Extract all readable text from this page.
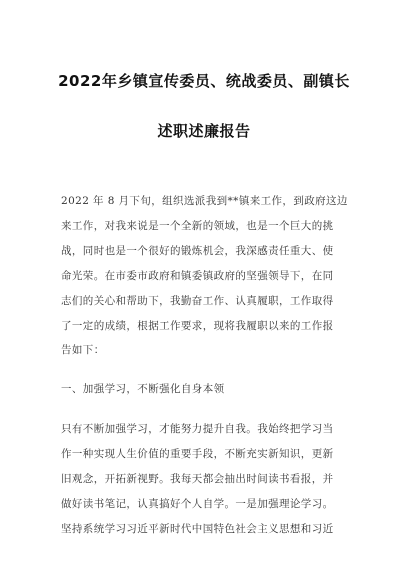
2022年乡镇宣传委员、统战委员、副镇长
述职述廉报告
2022 年 8 月下旬，组织选派我到**镇来工作，到政府这边
来工作，对我来说是一个全新的领域，也是一个巨大的挑
战，同时也是一个很好的锻炼机会，我深感责任重大、使
命光荣。在市委市政府和镇委镇政府的坚强领导下，在同
志们的关心和帮助下，我勤奋工作、认真履职，工作取得
了一定的成绩，根据工作要求，现将我履职以来的工作报
告如下：
一、加强学习，不断强化自身本领
只有不断加强学习，才能努力提升自我。我始终把学习当
作一种实现人生价值的重要手段，不断充实新知识，更新
旧观念，开拓新视野。我每天都会抽出时间读书看报，并
做好读书笔记，认真搞好个人自学。一是加强理论学习。
坚持系统学习习近平新时代中国特色社会主义思想和习近
